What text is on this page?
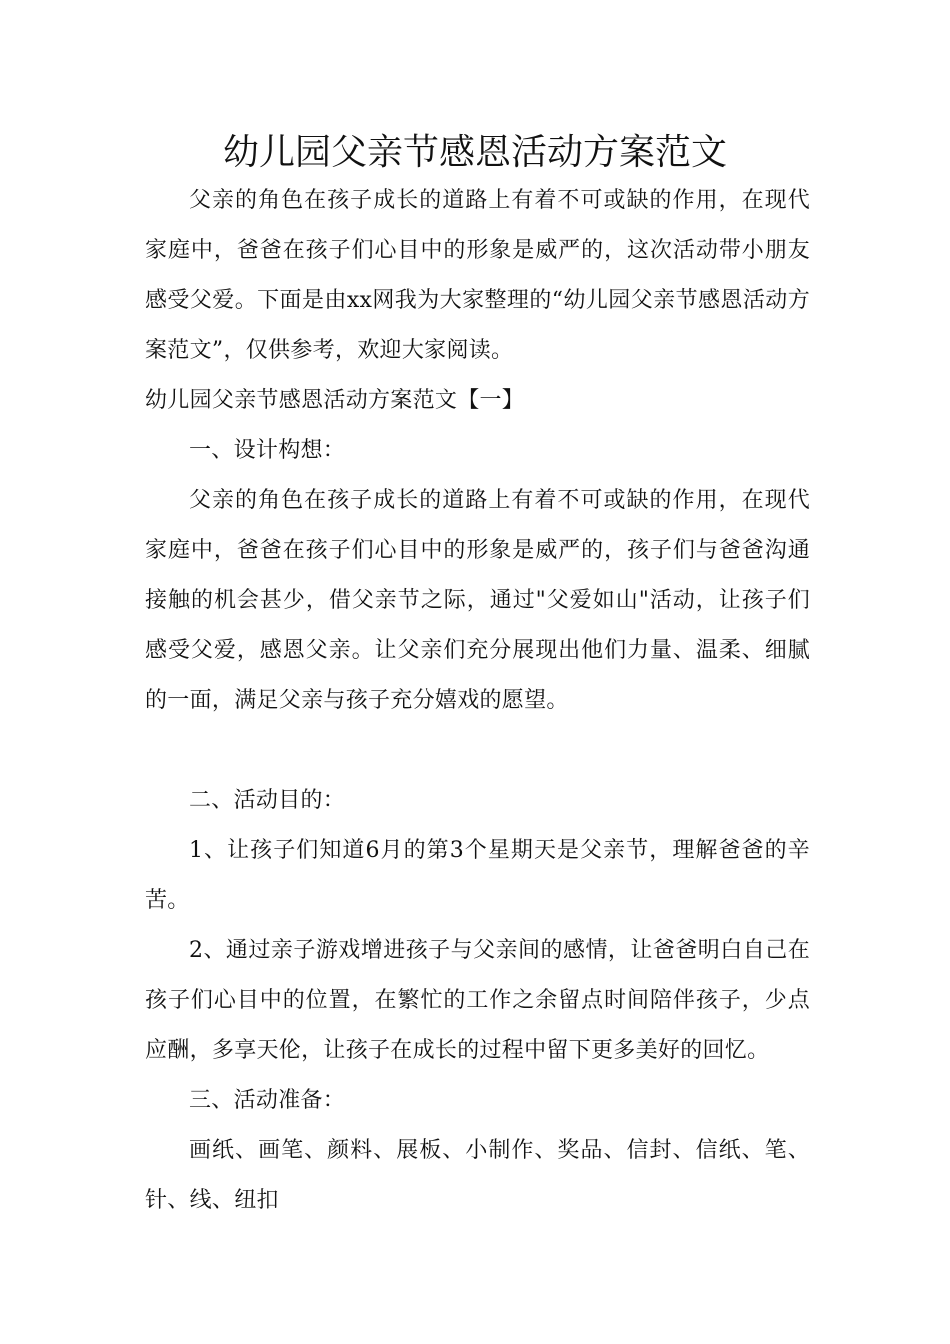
幼儿园父亲节感恩活动方案范文

父亲的角色在孩子成长的道路上有着不可或缺的作用，在现代家庭中，爸爸在孩子们心目中的形象是威严的，这次活动带小朋友感受父爱。下面是由xx网我为大家整理的“幼儿园父亲节感恩活动方案范文”，仅供参考，欢迎大家阅读。

幼儿园父亲节感恩活动方案范文【一】

一、设计构想：

父亲的角色在孩子成长的道路上有着不可或缺的作用，在现代家庭中，爸爸在孩子们心目中的形象是威严的，孩子们与爸爸沟通接触的机会甚少，借父亲节之际，通过"父爱如山"活动，让孩子们感受父爱，感恩父亲。让父亲们充分展现出他们力量、温柔、细腻的一面，满足父亲与孩子充分嬉戏的愿望。

二、活动目的：

1、让孩子们知道6月的第3个星期天是父亲节，理解爸爸的辛苦。

2、通过亲子游戏增进孩子与父亲间的感情，让爸爸明白自己在孩子们心目中的位置，在繁忙的工作之余留点时间陪伴孩子，少点应酬，多享天伦，让孩子在成长的过程中留下更多美好的回忆。

三、活动准备：

画纸、画笔、颜料、展板、小制作、奖品、信封、信纸、笔、针、线、纽扣
